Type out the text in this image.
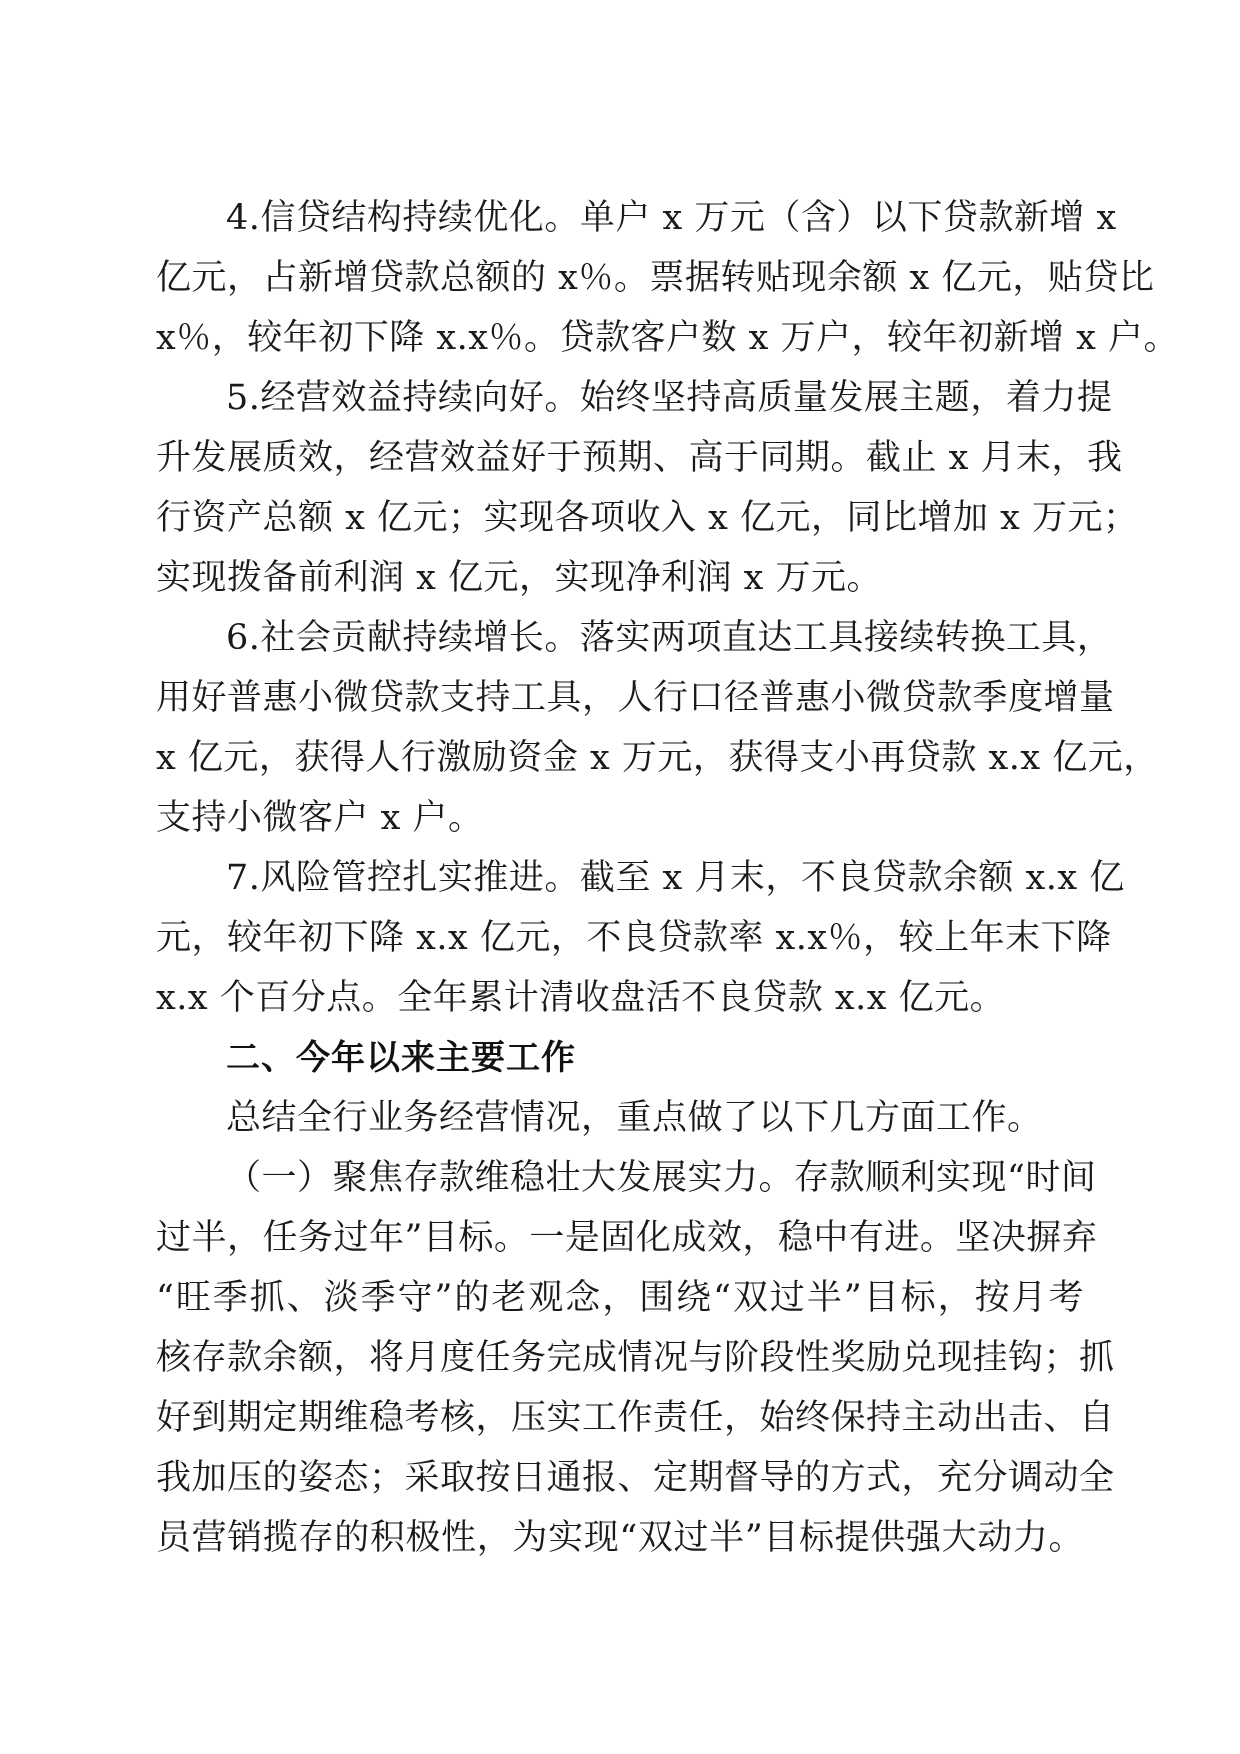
4.信贷结构持续优化。单户 x 万元（含）以下贷款新增 x
亿元，占新增贷款总额的 x％。票据转贴现余额 x 亿元，贴贷比
x％，较年初下降 x.x％。贷款客户数 x 万户，较年初新增 x 户。
5.经营效益持续向好。始终坚持高质量发展主题，着力提
升发展质效，经营效益好于预期、高于同期。截止 x 月末，我
行资产总额 x 亿元；实现各项收入 x 亿元，同比增加 x 万元；
实现拨备前利润 x 亿元，实现净利润 x 万元。
6.社会贡献持续增长。落实两项直达工具接续转换工具，
用好普惠小微贷款支持工具，人行口径普惠小微贷款季度增量
x 亿元，获得人行激励资金 x 万元，获得支小再贷款 x.x 亿元，
支持小微客户 x 户。
7.风险管控扎实推进。截至 x 月末，不良贷款余额 x.x 亿
元，较年初下降 x.x 亿元，不良贷款率 x.x％，较上年末下降
x.x 个百分点。全年累计清收盘活不良贷款 x.x 亿元。
二、今年以来主要工作
总结全行业务经营情况，重点做了以下几方面工作。
（一）聚焦存款维稳壮大发展实力。存款顺利实现“时间
过半，任务过年”目标。一是固化成效，稳中有进。坚决摒弃
“旺季抓、淡季守”的老观念，围绕“双过半”目标，按月考
核存款余额，将月度任务完成情况与阶段性奖励兑现挂钩；抓
好到期定期维稳考核，压实工作责任，始终保持主动出击、自
我加压的姿态；采取按日通报、定期督导的方式，充分调动全
员营销揽存的积极性，为实现“双过半”目标提供强大动力。
